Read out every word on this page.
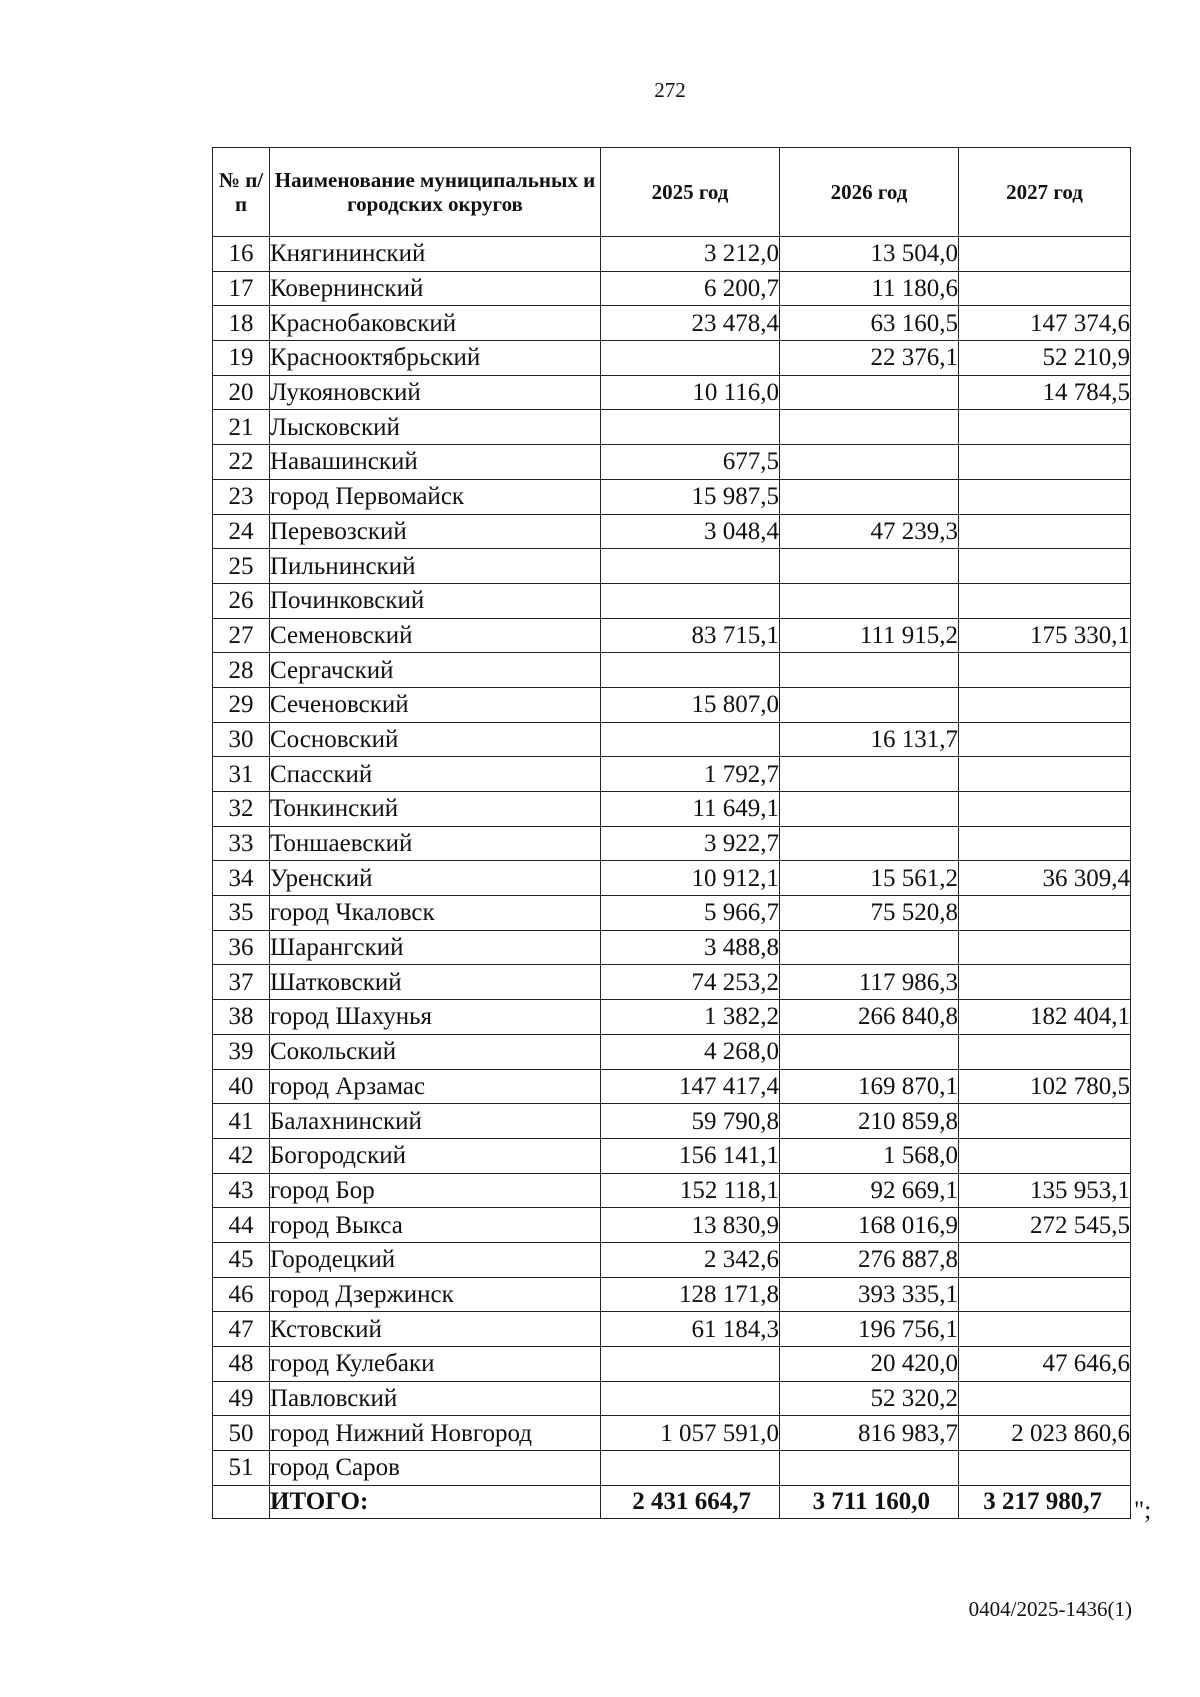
272
№ п/п	Наименование муниципальных и городских округов	2025 год	2026 год	2027 год
16	Княгининский	3 212,0	13 504,0	
17	Ковернинский	6 200,7	11 180,6	
18	Краснобаковский	23 478,4	63 160,5	147 374,6
19	Краснооктябрьский		22 376,1	52 210,9
20	Лукояновский	10 116,0		14 784,5
21	Лысковский			
22	Навашинский	677,5		
23	город Первомайск	15 987,5		
24	Перевозский	3 048,4	47 239,3	
25	Пильнинский			
26	Починковский			
27	Семеновский	83 715,1	111 915,2	175 330,1
28	Сергачский			
29	Сеченовский	15 807,0		
30	Сосновский		16 131,7	
31	Спасский	1 792,7		
32	Тонкинский	11 649,1		
33	Тоншаевский	3 922,7		
34	Уренский	10 912,1	15 561,2	36 309,4
35	город Чкаловск	5 966,7	75 520,8	
36	Шарангский	3 488,8		
37	Шатковский	74 253,2	117 986,3	
38	город Шахунья	1 382,2	266 840,8	182 404,1
39	Сокольский	4 268,0		
40	город Арзамас	147 417,4	169 870,1	102 780,5
41	Балахнинский	59 790,8	210 859,8	
42	Богородский	156 141,1	1 568,0	
43	город Бор	152 118,1	92 669,1	135 953,1
44	город Выкса	13 830,9	168 016,9	272 545,5
45	Городецкий	2 342,6	276 887,8	
46	город Дзержинск	128 171,8	393 335,1	
47	Кстовский	61 184,3	196 756,1	
48	город Кулебаки		20 420,0	47 646,6
49	Павловский		52 320,2	
50	город Нижний Новгород	1 057 591,0	816 983,7	2 023 860,6
51	город Саров			
	ИТОГО:	2 431 664,7	3 711 160,0	3 217 980,7 ";
0404/2025-1436(1)
